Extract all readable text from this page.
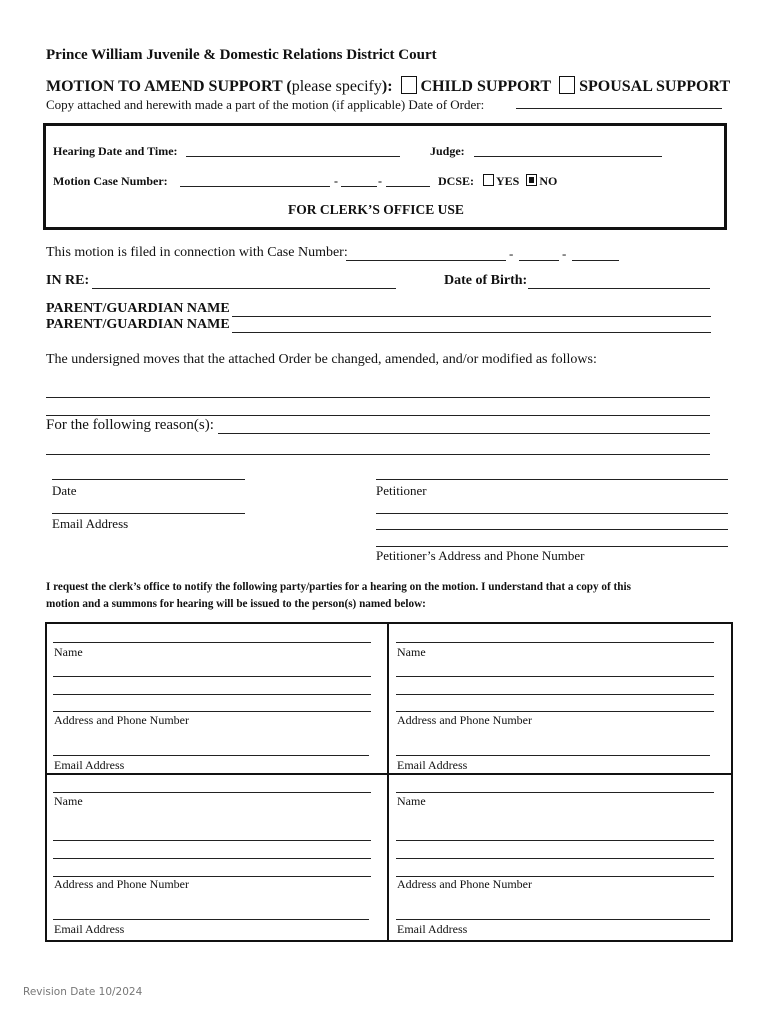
Prince William Juvenile & Domestic Relations District Court
MOTION TO AMEND SUPPORT (please specify): CHILD SUPPORT SPOUSAL SUPPORT
Copy attached and herewith made a part of the motion (if applicable) Date of Order:
Hearing Date and Time:	Judge:
Motion Case Number:	-	-	DCSE: YES NO
FOR CLERK’S OFFICE USE
This motion is filed in connection with Case Number:	-	-
IN RE:	Date of Birth:
PARENT/GUARDIAN NAME
PARENT/GUARDIAN NAME
The undersigned moves that the attached Order be changed, amended, and/or modified as follows:
For the following reason(s):
Date
Email Address
Petitioner
Petitioner’s Address and Phone Number
I request the clerk’s office to notify the following party/parties for a hearing on the motion. I understand that a copy of this
motion and a summons for hearing will be issued to the person(s) named below:
Name
Address and Phone Number
Email Address
Name
Address and Phone Number
Email Address
Name
Address and Phone Number
Email Address
Name
Address and Phone Number
Email Address
Revision Date 10/2024
